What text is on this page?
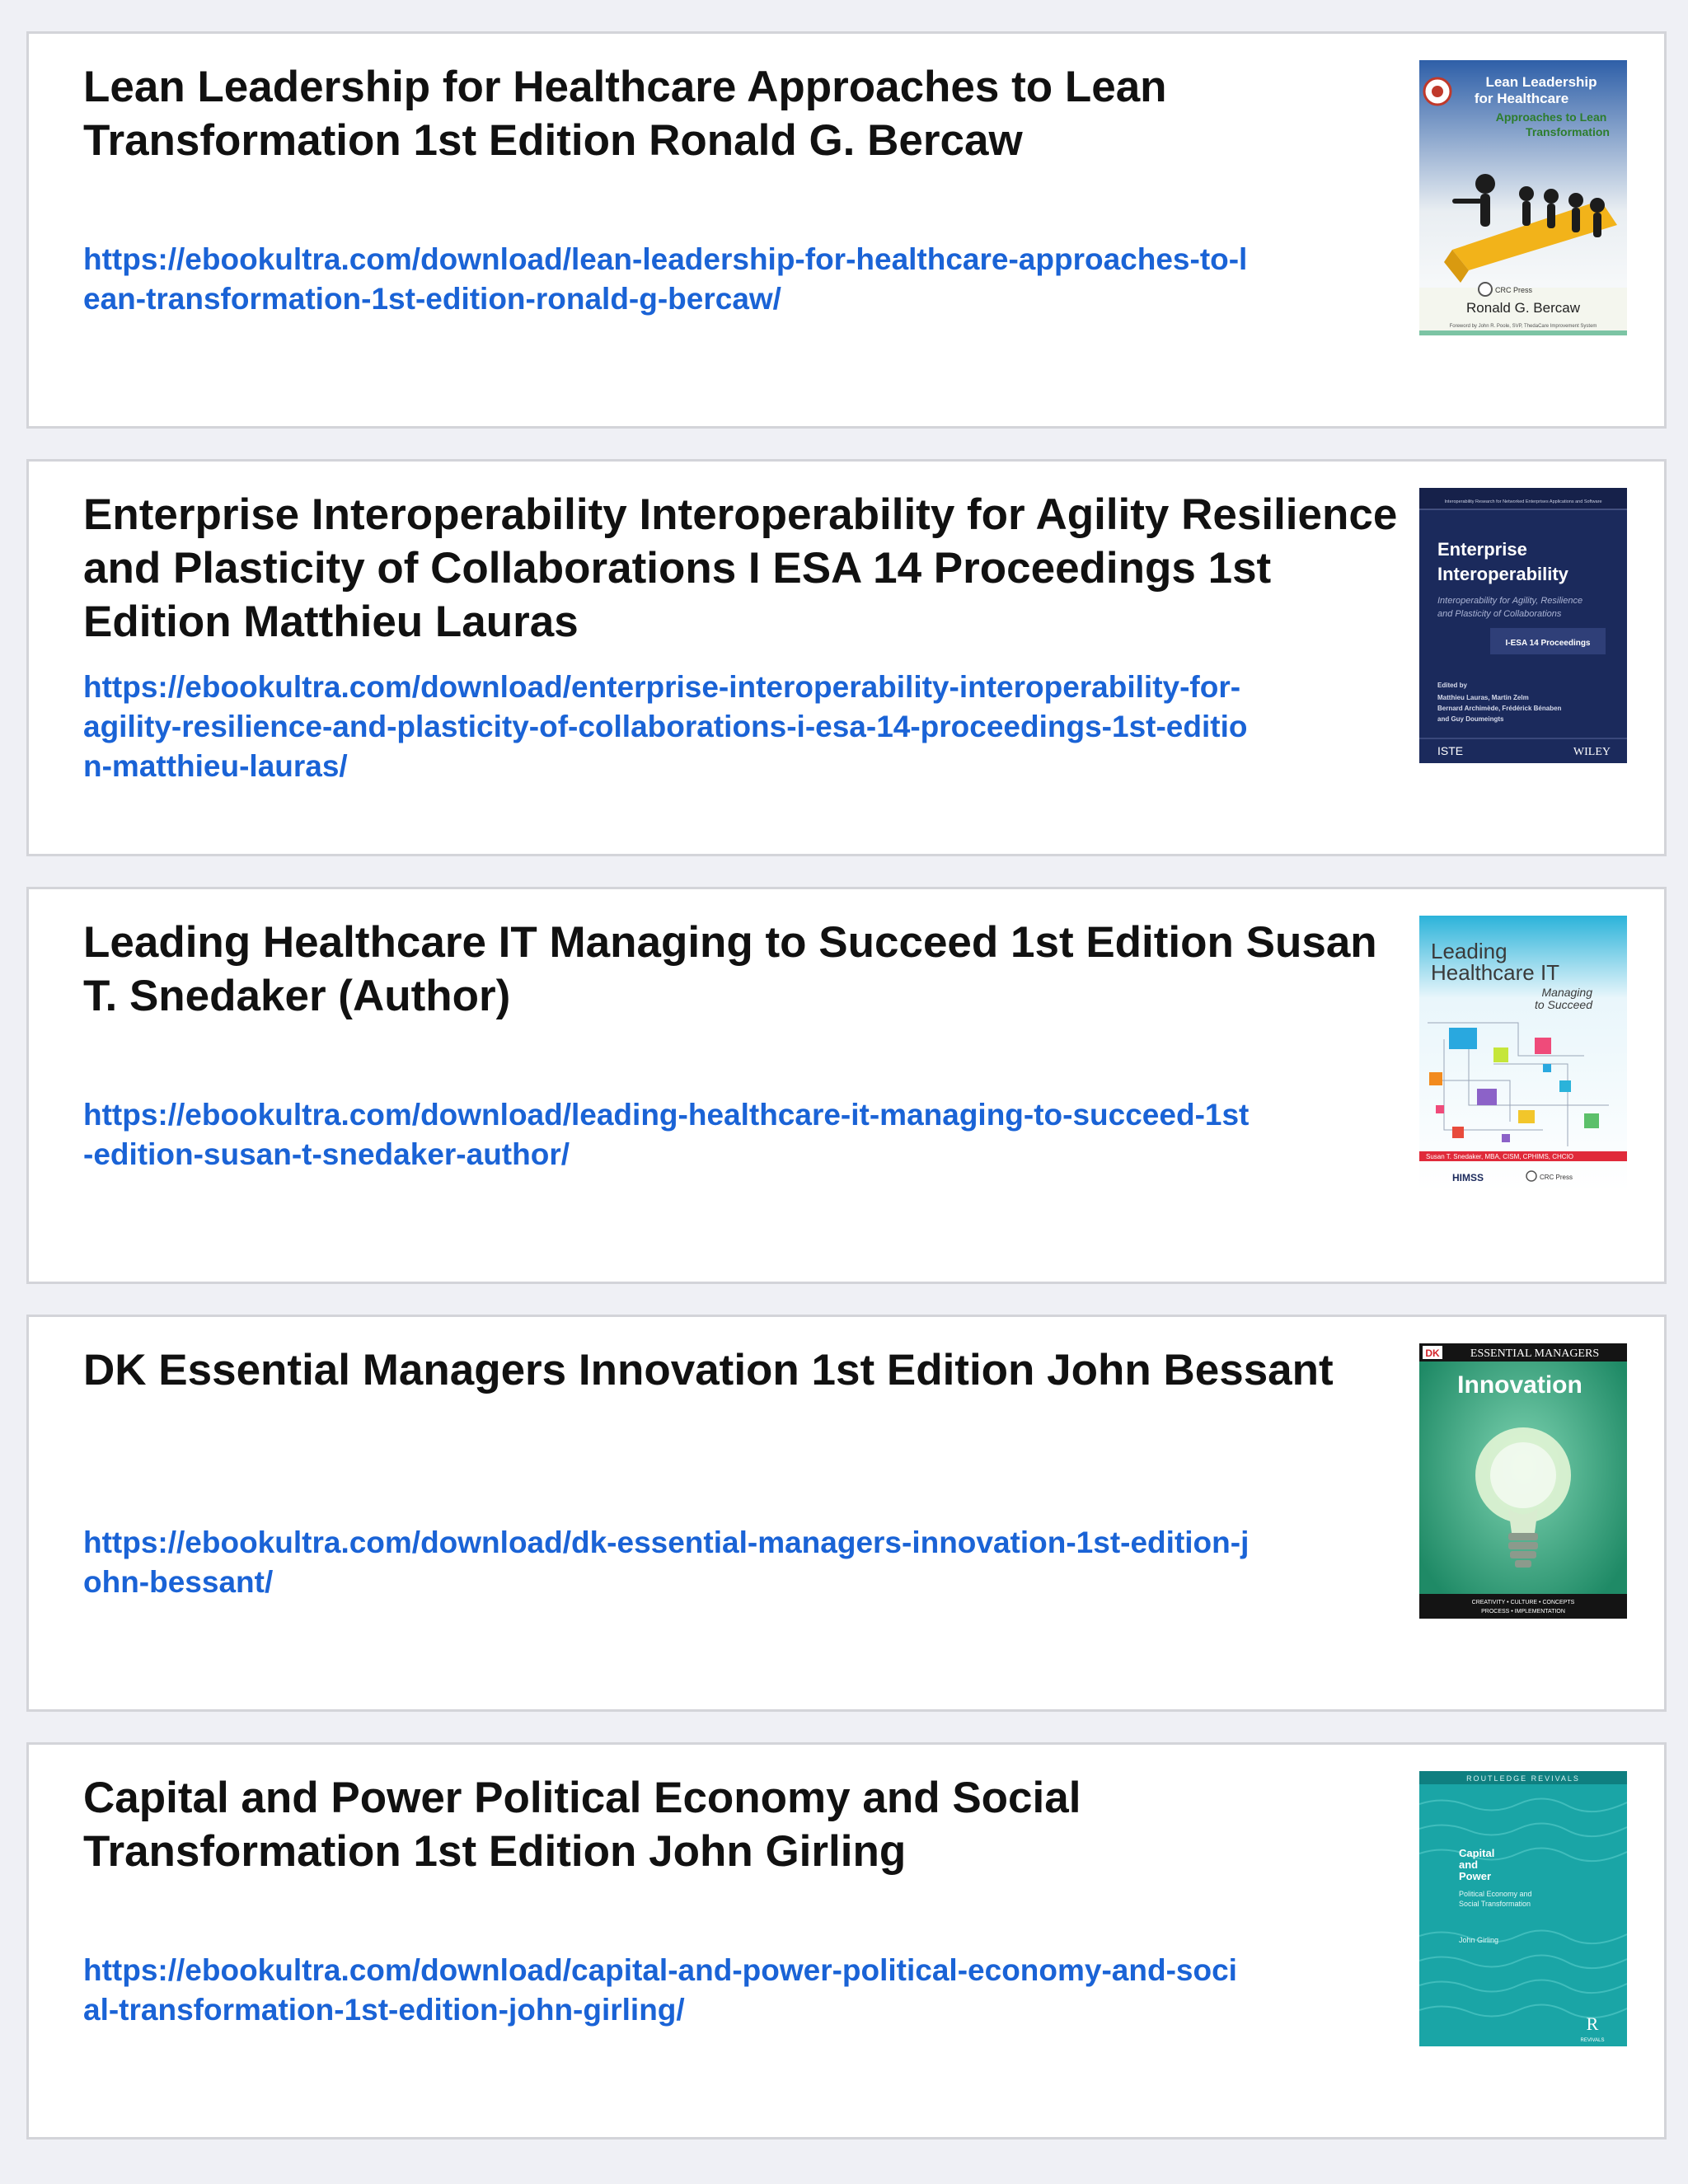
Lean Leadership for Healthcare Approaches to Lean Transformation 1st Edition Ronald G. Bercaw
https://ebookultra.com/download/lean-leadership-for-healthcare-approaches-to-lean-transformation-1st-edition-ronald-g-bercaw/
Lean Leadership
for Healthcare
Approaches to Lean
Transformation
CRC Press
Ronald G. Bercaw
Foreword by John R. Poole, SVP, ThedaCare Improvement System
Enterprise Interoperability Interoperability for Agility Resilience and Plasticity of Collaborations I ESA 14 Proceedings 1st Edition Matthieu Lauras
https://ebookultra.com/download/enterprise-interoperability-interoperability-for-agility-resilience-and-plasticity-of-collaborations-i-esa-14-proceedings-1st-edition-matthieu-lauras/
Interoperability Research for Networked Enterprises Applications and Software
Enterprise
Interoperability
Interoperability for Agility, Resilience
and Plasticity of Collaborations
I-ESA 14 Proceedings
Edited by
Matthieu Lauras, Martin Zelm
Bernard Archimède, Frédérick Bénaben
and Guy Doumeingts
ISTE	WILEY
Leading Healthcare IT Managing to Succeed 1st Edition Susan T. Snedaker (Author)
https://ebookultra.com/download/leading-healthcare-it-managing-to-succeed-1st-edition-susan-t-snedaker-author/
Leading
Healthcare IT
Managing
to Succeed
Susan T. Snedaker, MBA, CISM, CPHIMS, CHCIO
HIMSS	CRC Press
DK Essential Managers Innovation 1st Edition John Bessant
https://ebookultra.com/download/dk-essential-managers-innovation-1st-edition-john-bessant/
DK	ESSENTIAL MANAGERS
Innovation
CREATIVITY • CULTURE • CONCEPTS
PROCESS • IMPLEMENTATION
Capital and Power Political Economy and Social Transformation 1st Edition John Girling
https://ebookultra.com/download/capital-and-power-political-economy-and-social-transformation-1st-edition-john-girling/
ROUTLEDGE REVIVALS
Capital
and
Power
Political Economy and
Social Transformation
John Girling
R
REVIVALS
